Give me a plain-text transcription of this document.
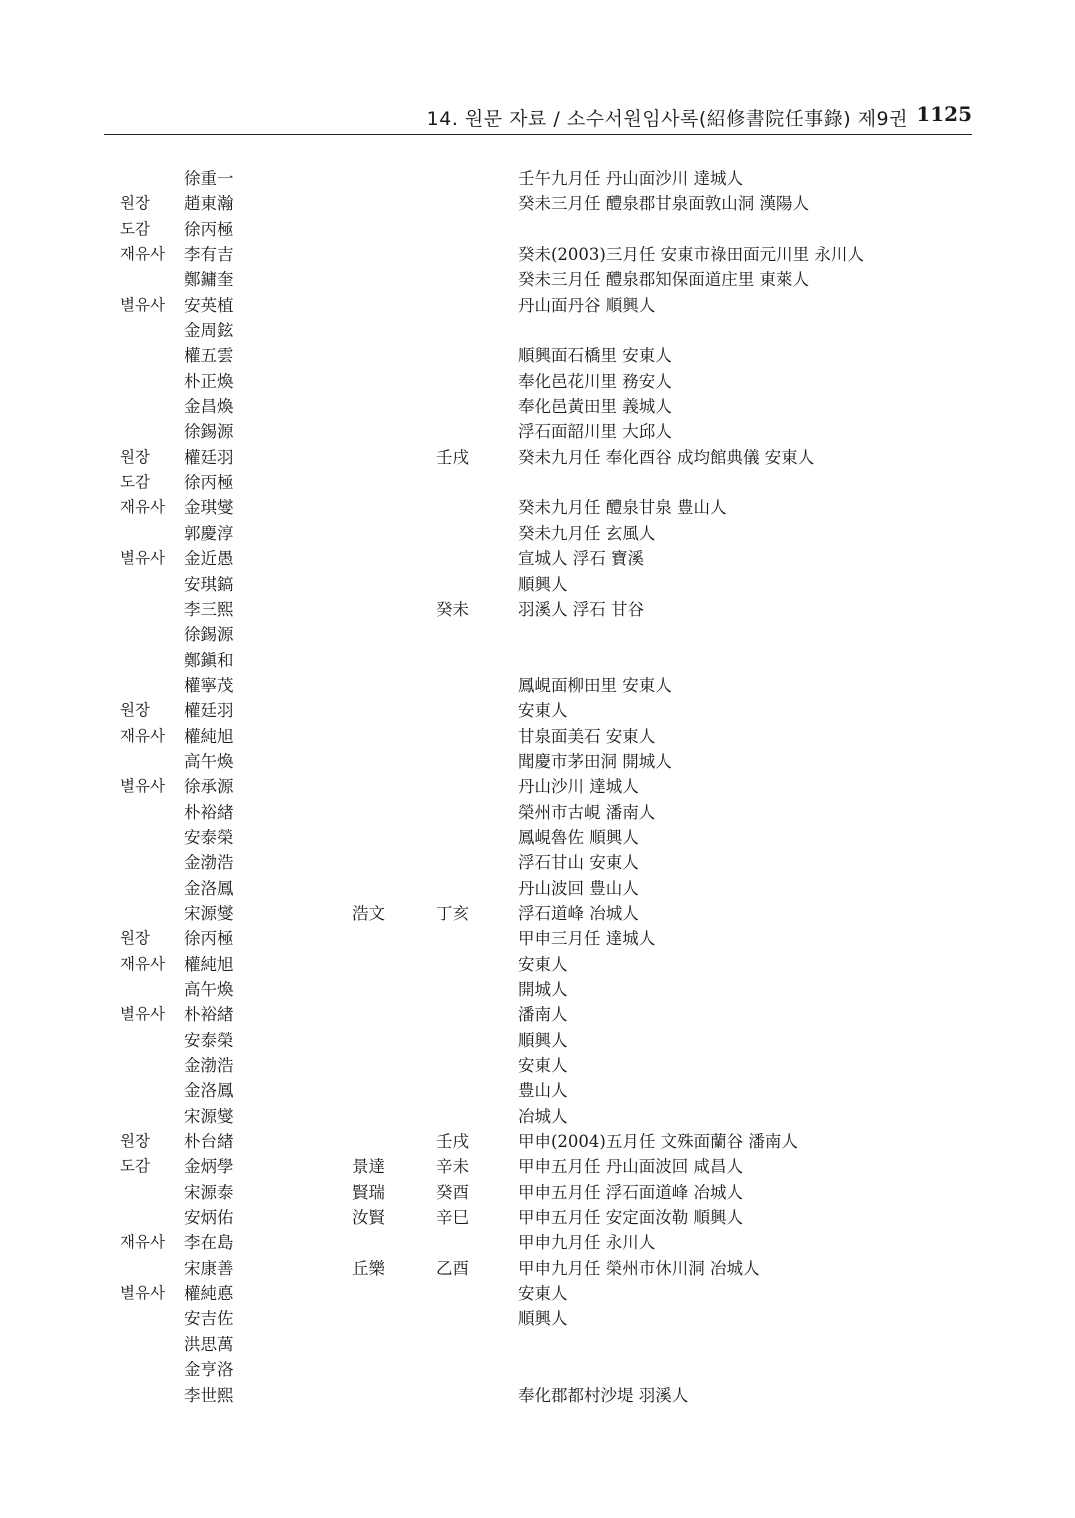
14. 원문 자료 / 소수서원임사록(紹修書院任事錄) 제9권 1125
徐重一	壬午九月任 丹山面沙川 達城人
원장	趙東瀚	癸未三月任 醴泉郡甘泉面敦山洞 漢陽人
도감	徐丙極
재유사	李有吉	癸未(2003)三月任 安東市祿田面元川里 永川人
鄭鏞奎	癸未三月任 醴泉郡知保面道庄里 東萊人
별유사	安英植	丹山面丹谷 順興人
金周鉉
權五雲	順興面石橋里 安東人
朴正煥	奉化邑花川里 務安人
金昌煥	奉化邑黃田里 義城人
徐錫源	浮石面韶川里 大邱人
원장	權廷羽	壬戌	癸未九月任 奉化酉谷 成均館典儀 安東人
도감	徐丙極
재유사	金琪燮	癸未九月任 醴泉甘泉 豊山人
郭慶淳	癸未九月任 玄風人
별유사	金近愚	宣城人 浮石 寶溪
安琪鎬	順興人
李三熙	癸未	羽溪人 浮石 甘谷
徐錫源
鄭鎭和
權寧茂	鳳峴面柳田里 安東人
원장	權廷羽	安東人
재유사	權純旭	甘泉面美石 安東人
高午煥	聞慶市茅田洞 開城人
별유사	徐承源	丹山沙川 達城人
朴裕緖	榮州市古峴 潘南人
安泰榮	鳳峴魯佐 順興人
金渤浩	浮石甘山 安東人
金洛鳳	丹山波回 豊山人
宋源燮	浩文	丁亥	浮石道峰 冶城人
원장	徐丙極	甲申三月任 達城人
재유사	權純旭	安東人
高午煥	開城人
별유사	朴裕緖	潘南人
安泰榮	順興人
金渤浩	安東人
金洛鳳	豊山人
宋源燮	冶城人
원장	朴台緖	壬戌	甲申(2004)五月任 文殊面蘭谷 潘南人
도감	金炳學	景達	辛未	甲申五月任 丹山面波回 咸昌人
宋源泰	賢瑞	癸酉	甲申五月任 浮石面道峰 冶城人
安炳佑	汝賢	辛巳	甲申五月任 安定面汝勒 順興人
재유사	李在島	甲申九月任 永川人
宋康善	丘樂	乙酉	甲申九月任 榮州市休川洞 冶城人
별유사	權純悳	安東人
安吉佐	順興人
洪思萬
金亨洛
李世熙	奉化郡都村沙堤 羽溪人
